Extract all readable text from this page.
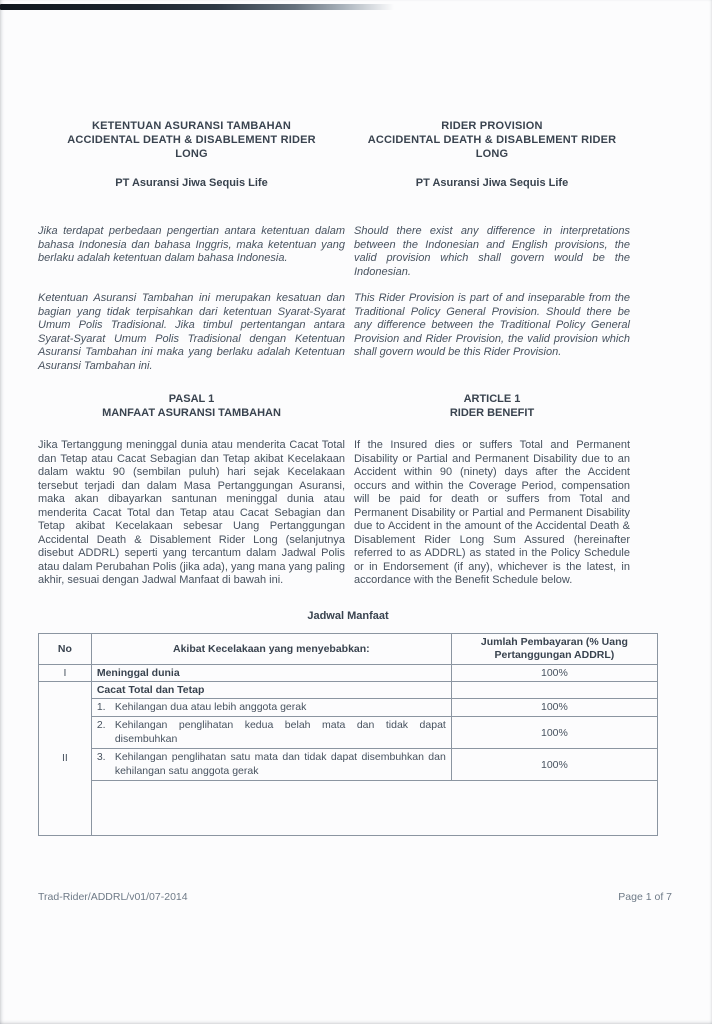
KETENTUAN ASURANSI TAMBAHAN
ACCIDENTAL DEATH & DISABLEMENT RIDER
LONG
RIDER PROVISION
ACCIDENTAL DEATH & DISABLEMENT RIDER
LONG
PT Asuransi Jiwa Sequis Life	PT Asuransi Jiwa Sequis Life

Jika terdapat perbedaan pengertian antara ketentuan dalam bahasa Indonesia dan bahasa Inggris, maka ketentuan yang berlaku adalah ketentuan dalam bahasa Indonesia.

Should there exist any difference in interpretations between the Indonesian and English provisions, the valid provision which shall govern would be the Indonesian.

Ketentuan Asuransi Tambahan ini merupakan kesatuan dan bagian yang tidak terpisahkan dari ketentuan Syarat-Syarat Umum Polis Tradisional. Jika timbul pertentangan antara Syarat-Syarat Umum Polis Tradisional dengan Ketentuan Asuransi Tambahan ini maka yang berlaku adalah Ketentuan Asuransi Tambahan ini.

This Rider Provision is part of and inseparable from the Traditional Policy General Provision. Should there be any difference between the Traditional Policy General Provision and Rider Provision, the valid provision which shall govern would be this Rider Provision.

PASAL 1
MANFAAT ASURANSI TAMBAHAN
ARTICLE 1
RIDER BENEFIT

Jika Tertanggung meninggal dunia atau menderita Cacat Total dan Tetap atau Cacat Sebagian dan Tetap akibat Kecelakaan dalam waktu 90 (sembilan puluh) hari sejak Kecelakaan tersebut terjadi dan dalam Masa Pertanggungan Asuransi, maka akan dibayarkan santunan meninggal dunia atau menderita Cacat Total dan Tetap atau Cacat Sebagian dan Tetap akibat Kecelakaan sebesar Uang Pertanggungan Accidental Death & Disablement Rider Long (selanjutnya disebut ADDRL) seperti yang tercantum dalam Jadwal Polis atau dalam Perubahan Polis (jika ada), yang mana yang paling akhir, sesuai dengan Jadwal Manfaat di bawah ini.

If the Insured dies or suffers Total and Permanent Disability or Partial and Permanent Disability due to an Accident within 90 (ninety) days after the Accident occurs and within the Coverage Period, compensation will be paid for death or suffers from Total and Permanent Disability or Partial and Permanent Disability due to Accident in the amount of the Accidental Death & Disablement Rider Long Sum Assured (hereinafter referred to as ADDRL) as stated in the Policy Schedule or in Endorsement (if any), whichever is the latest, in accordance with the Benefit Schedule below.

Jadwal Manfaat
No	Akibat Kecelakaan yang menyebabkan:	Jumlah Pembayaran (% Uang Pertanggungan ADDRL)
I	Meninggal dunia	100%
II	Cacat Total dan Tetap	

	1. Kehilangan dua atau lebih anggota gerak	100%

	2. Kehilangan penglihatan kedua belah mata dan tidak dapat disembuhkan	100%

	3. Kehilangan penglihatan satu mata dan tidak dapat disembuhkan dan kehilangan satu anggota gerak	100%

Trad-Rider/ADDRL/v01/07-2014	Page 1 of 7
